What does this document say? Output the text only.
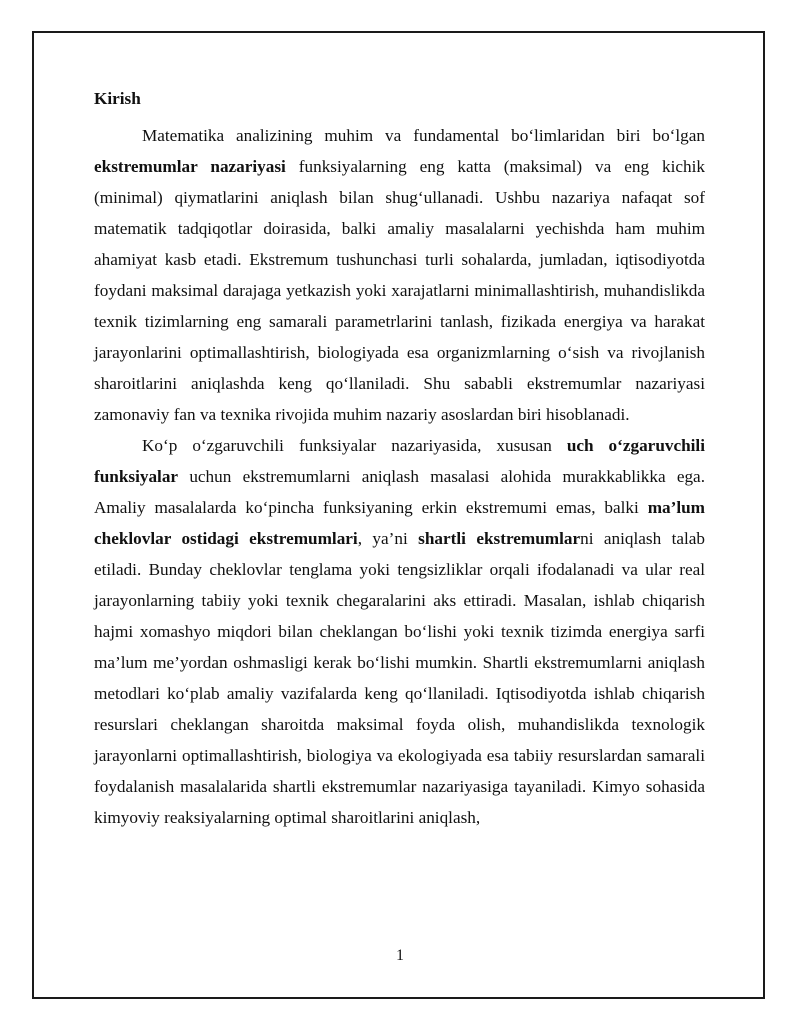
Kirish

Matematika analizining muhim va fundamental bo‘limlaridan biri bo‘lgan ekstremumlar nazariyasi funksiyalarning eng katta (maksimal) va eng kichik (minimal) qiymatlarini aniqlash bilan shug‘ullanadi. Ushbu nazariya nafaqat sof matematik tadqiqotlar doirasida, balki amaliy masalalarni yechishda ham muhim ahamiyat kasb etadi. Ekstremum tushunchasi turli sohalarda, jumladan, iqtisodiyotda foydani maksimal darajaga yetkazish yoki xarajatlarni minimallashtirish, muhandislikda texnik tizimlarning eng samarali parametrlarini tanlash, fizikada energiya va harakat jarayonlarini optimallashtirish, biologiyada esa organizmlarning o‘sish va rivojlanish sharoitlarini aniqlashda keng qo‘llaniladi. Shu sababli ekstremumlar nazariyasi zamonaviy fan va texnika rivojida muhim nazariy asoslardan biri hisoblanadi.

Ko‘p o‘zgaruvchili funksiyalar nazariyasida, xususan uch o‘zgaruvchili funksiyalar uchun ekstremumlarni aniqlash masalasi alohida murakkablikka ega. Amaliy masalalarda ko‘pincha funksiyaning erkin ekstremumi emas, balki ma’lum cheklovlar ostidagi ekstremumlari, ya’ni shartli ekstremumlarni aniqlash talab etiladi. Bunday cheklovlar tenglama yoki tengsizliklar orqali ifodalanadi va ular real jarayonlarning tabiiy yoki texnik chegaralarini aks ettiradi. Masalan, ishlab chiqarish hajmi xomashyo miqdori bilan cheklangan bo‘lishi yoki texnik tizimda energiya sarfi ma’lum me’yordan oshmasligi kerak bo‘lishi mumkin. Shartli ekstremumlarni aniqlash metodlari ko‘plab amaliy vazifalarda keng qo‘llaniladi. Iqtisodiyotda ishlab chiqarish resurslari cheklangan sharoitda maksimal foyda olish, muhandislikda texnologik jarayonlarni optimallashtirish, biologiya va ekologiyada esa tabiiy resurslardan samarali foydalanish masalalarida shartli ekstremumlar nazariyasiga tayaniladi. Kimyo sohasida kimyoviy reaksiyalarning optimal sharoitlarini aniqlash,

1
